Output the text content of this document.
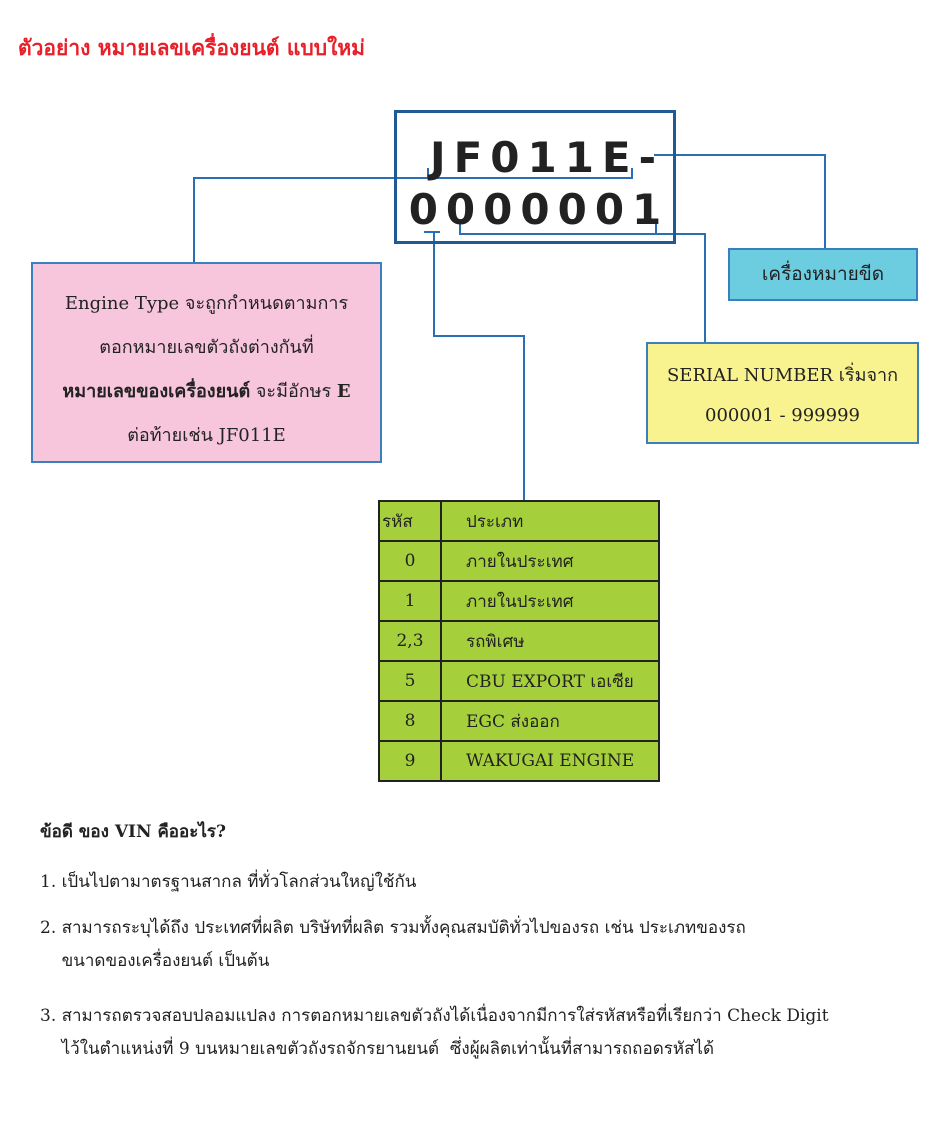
ตัวอย่าง หมายเลขเครื่องยนต์ แบบใหม่
JF011E-
0000001
Engine Type จะถูกกำหนดตามการ
ตอกหมายเลขตัวถังต่างกันที่
หมายเลขของเครื่องยนต์ จะมีอักษร E
ต่อท้ายเช่น JF011E
เครื่องหมายขีด
SERIAL NUMBER เริ่มจาก
000001 - 999999
รหัส	ประเภท
0	ภายในประเทศ
1	ภายในประเทศ
2,3	รถพิเศษ
5	CBU EXPORT เอเซีย
8	EGC ส่งออก
9	WAKUGAI ENGINE
ข้อดี ของ VIN คืออะไร?
1. เป็นไปตามาตรฐานสากล ที่ทั่วโลกส่วนใหญ่ใช้กัน
2. สามารถระบุได้ถึง ประเทศที่ผลิต บริษัทที่ผลิต รวมทั้งคุณสมบัติทั่วไปของรถ เช่น ประเภทของรถ
ขนาดของเครื่องยนต์ เป็นต้น
3. สามารถตรวจสอบปลอมแปลง การตอกหมายเลขตัวถังได้เนื่องจากมีการใส่รหัสหรือที่เรียกว่า Check Digit
ไว้ในตำแหน่งที่ 9 บนหมายเลขตัวถังรถจักรยานยนต์  ซึ่งผู้ผลิตเท่านั้นที่สามารถถอดรหัสได้
